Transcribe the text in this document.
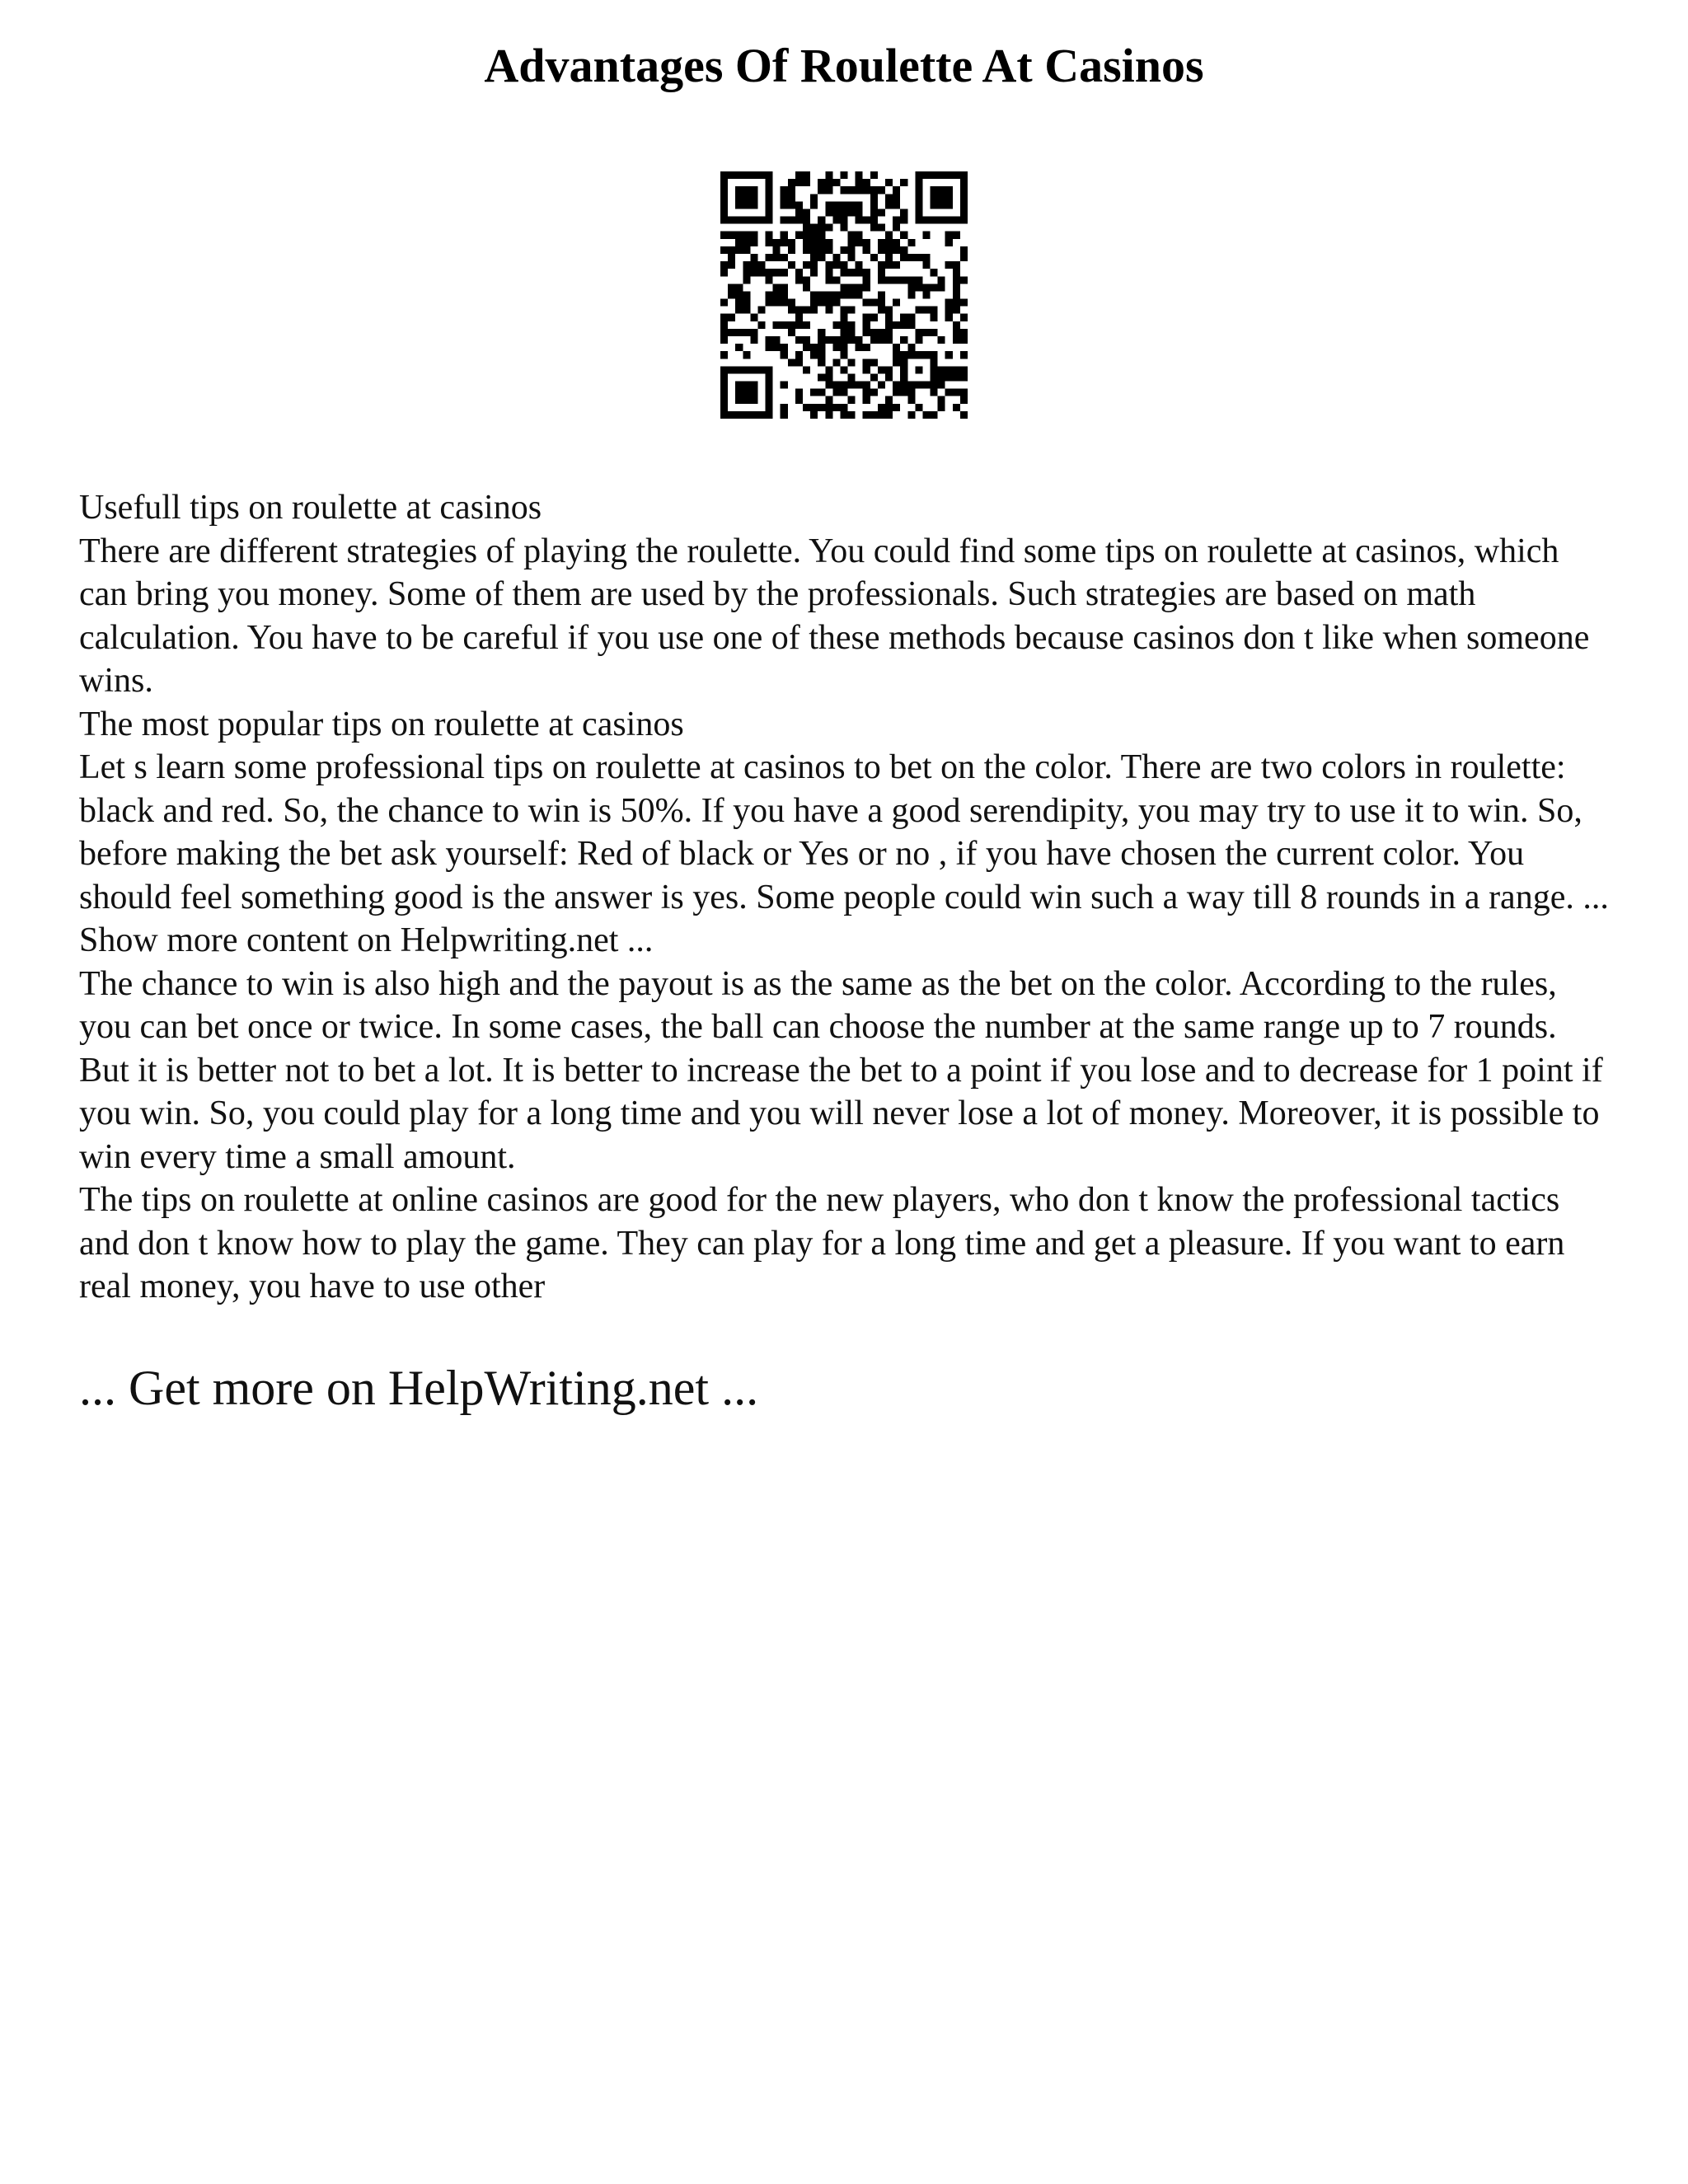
Advantages Of Roulette At Casinos

Usefull tips on roulette at casinos

There are different strategies of playing the roulette. You could find some tips on roulette at casinos, which can bring you money. Some of them are used by the professionals. Such strategies are based on math calculation. You have to be careful if you use one of these methods because casinos don t like when someone wins.

The most popular tips on roulette at casinos

Let s learn some professional tips on roulette at casinos to bet on the color. There are two colors in roulette: black and red. So, the chance to win is 50%. If you have a good serendipity, you may try to use it to win. So, before making the bet ask yourself: Red of black or Yes or no , if you have chosen the current color. You should feel something good is the answer is yes. Some people could win such a way till 8 rounds in a range. ... Show more content on Helpwriting.net ...

The chance to win is also high and the payout is as the same as the bet on the color. According to the rules, you can bet once or twice. In some cases, the ball can choose the number at the same range up to 7 rounds. But it is better not to bet a lot. It is better to increase the bet to a point if you lose and to decrease for 1 point if you win. So, you could play for a long time and you will never lose a lot of money. Moreover, it is possible to win every time a small amount.

The tips on roulette at online casinos are good for the new players, who don t know the professional tactics and don t know how to play the game. They can play for a long time and get a pleasure. If you want to earn real money, you have to use other

... Get more on HelpWriting.net ...
